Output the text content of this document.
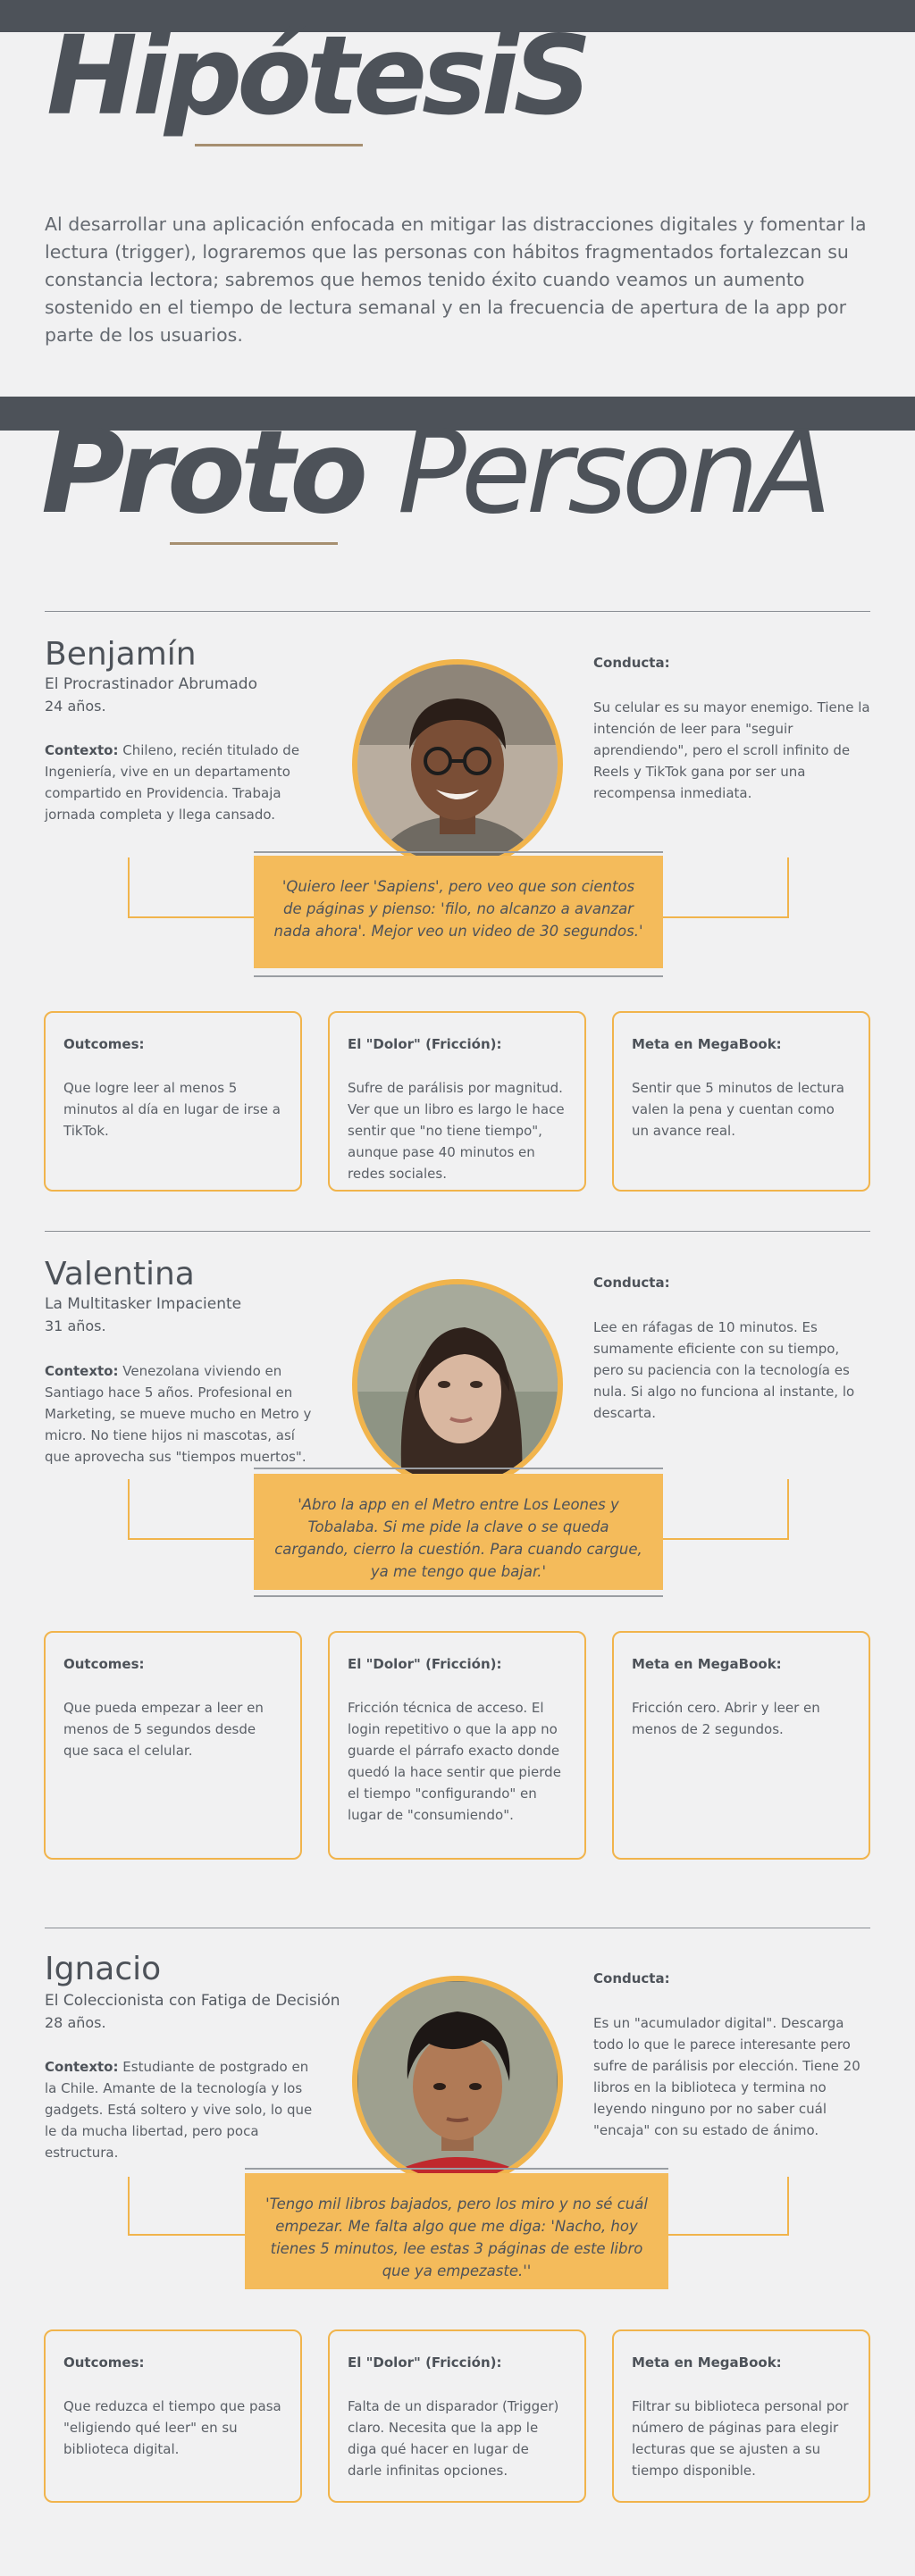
HipótesiS

Al desarrollar una aplicación enfocada en mitigar las distracciones digitales y fomentar la lectura (trigger), lograremos que las personas con hábitos fragmentados fortalezcan su constancia lectora; sabremos que hemos tenido éxito cuando veamos un aumento sostenido en el tiempo de lectura semanal y en la frecuencia de apertura de la app por parte de los usuarios.

Proto PersonA
Benjamín
El Procrastinador Abrumado
24 años.
Contexto: Chileno, recién titulado de Ingeniería, vive en un departamento compartido en Providencia. Trabaja jornada completa y llega cansado.
Conducta:
Su celular es su mayor enemigo. Tiene la intención de leer para "seguir aprendiendo", pero el scroll infinito de Reels y TikTok gana por ser una recompensa inmediata.
'Quiero leer 'Sapiens', pero veo que son cientos de páginas y pienso: 'filo, no alcanzo a avanzar nada ahora'. Mejor veo un video de 30 segundos.'
Outcomes:
Que logre leer al menos 5 minutos al día en lugar de irse a TikTok.
El "Dolor" (Fricción):
Sufre de parálisis por magnitud. Ver que un libro es largo le hace sentir que "no tiene tiempo", aunque pase 40 minutos en redes sociales.
Meta en MegaBook:
Sentir que 5 minutos de lectura valen la pena y cuentan como un avance real.
Valentina
La Multitasker Impaciente
31 años.
Contexto: Venezolana viviendo en Santiago hace 5 años. Profesional en Marketing, se mueve mucho en Metro y micro. No tiene hijos ni mascotas, así que aprovecha sus "tiempos muertos".
Conducta:
Lee en ráfagas de 10 minutos. Es sumamente eficiente con su tiempo, pero su paciencia con la tecnología es nula. Si algo no funciona al instante, lo descarta.
'Abro la app en el Metro entre Los Leones y Tobalaba. Si me pide la clave o se queda cargando, cierro la cuestión. Para cuando cargue, ya me tengo que bajar.'
Outcomes:
Que pueda empezar a leer en menos de 5 segundos desde que saca el celular.
El "Dolor" (Fricción):
Fricción técnica de acceso. El login repetitivo o que la app no guarde el párrafo exacto donde quedó la hace sentir que pierde el tiempo "configurando" en lugar de "consumiendo".
Meta en MegaBook:
Fricción cero. Abrir y leer en menos de 2 segundos.
Ignacio
El Coleccionista con Fatiga de Decisión
28 años.
Contexto: Estudiante de postgrado en la Chile. Amante de la tecnología y los gadgets. Está soltero y vive solo, lo que le da mucha libertad, pero poca estructura.
Conducta:
Es un "acumulador digital". Descarga todo lo que le parece interesante pero sufre de parálisis por elección. Tiene 20 libros en la biblioteca y termina no leyendo ninguno por no saber cuál "encaja" con su estado de ánimo.
'Tengo mil libros bajados, pero los miro y no sé cuál empezar. Me falta algo que me diga: 'Nacho, hoy tienes 5 minutos, lee estas 3 páginas de este libro que ya empezaste.''
Outcomes:
Que reduzca el tiempo que pasa "eligiendo qué leer" en su biblioteca digital.
El "Dolor" (Fricción):
Falta de un disparador (Trigger) claro. Necesita que la app le diga qué hacer en lugar de darle infinitas opciones.
Meta en MegaBook:
Filtrar su biblioteca personal por número de páginas para elegir lecturas que se ajusten a su tiempo disponible.
